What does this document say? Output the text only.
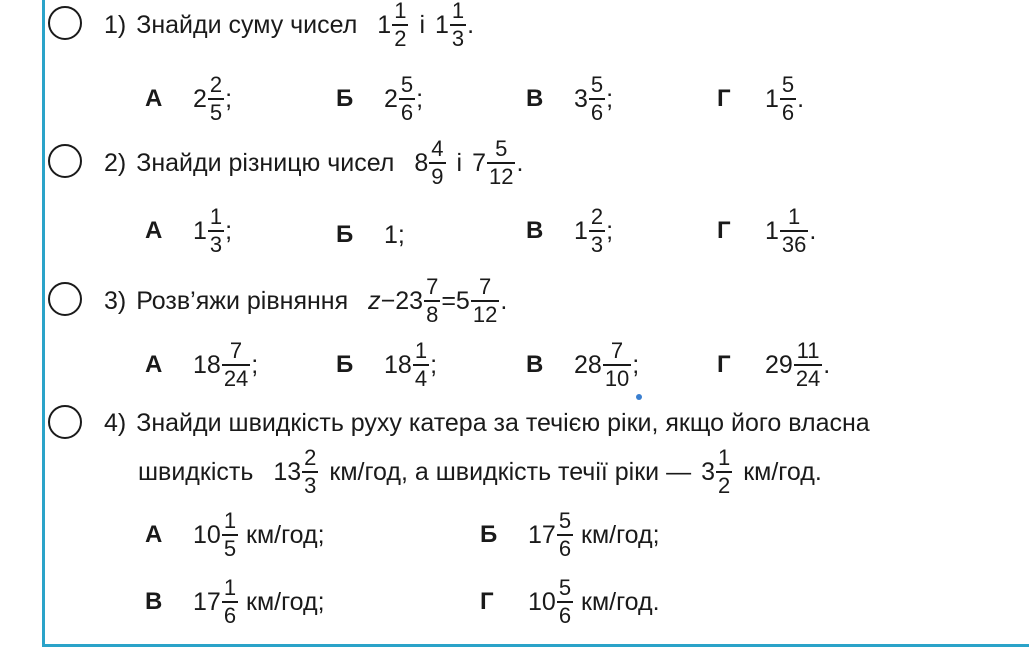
1) Знайди суму чисел $1 \frac{1}{2}$ і $1 \frac{1}{3}$ .
А	$2 \frac{2}{5}$ ;	Б	$2 \frac{5}{6}$ ;	В	$3 \frac{5}{6}$ ;	Г	$1 \frac{5}{6}$ .
2) Знайди різницю чисел $8 \frac{4}{9}$ і $7 \frac{5}{12}$ .
А	$1 \frac{1}{3}$ ;	Б	1;	В	$1 \frac{2}{3}$ ;	Г	$1 \frac{1}{36}$ .
3) Розв’яжи рівняння $z - 23 \frac{7}{8} = 5 \frac{7}{12}$ .
А	$18 \frac{7}{24}$ ;	Б	$18 \frac{1}{4}$ ;	В	$28 \frac{7}{10}$ ;	Г	$29 \frac{11}{24}$ .
4) Знайди швидкість руху катера за течією ріки, якщо його власна
швидкість $13 \frac{2}{3} км/год$, а швидкість течії ріки — $3 \frac{1}{2} км/год$.
А	$10 \frac{1}{5} км/год$;	Б	$17 \frac{5}{6} км/год$;
В	$17 \frac{1}{6} км/год$;	Г	$10 \frac{5}{6} км/год$.
